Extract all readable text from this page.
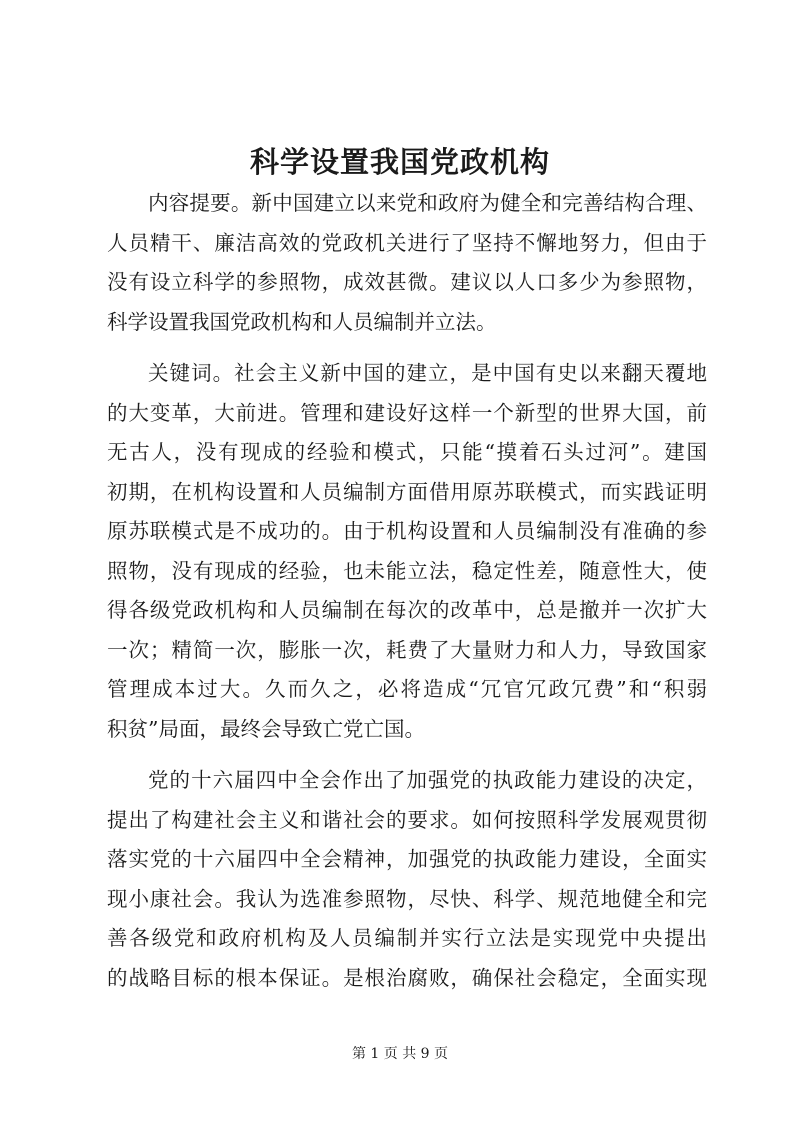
科学设置我国党政机构
内容提要。新中国建立以来党和政府为健全和完善结构合理、
人员精干、廉洁高效的党政机关进行了坚持不懈地努力，但由于
没有设立科学的参照物，成效甚微。建议以人口多少为参照物，
科学设置我国党政机构和人员编制并立法。
关键词。社会主义新中国的建立，是中国有史以来翻天覆地
的大变革，大前进。管理和建设好这样一个新型的世界大国，前
无古人，没有现成的经验和模式，只能“摸着石头过河”。建国
初期，在机构设置和人员编制方面借用原苏联模式，而实践证明
原苏联模式是不成功的。由于机构设置和人员编制没有准确的参
照物，没有现成的经验，也未能立法，稳定性差，随意性大，使
得各级党政机构和人员编制在每次的改革中，总是撤并一次扩大
一次；精简一次，膨胀一次，耗费了大量财力和人力，导致国家
管理成本过大。久而久之，必将造成“冗官冗政冗费”和“积弱
积贫”局面，最终会导致亡党亡国。
党的十六届四中全会作出了加强党的执政能力建设的决定，
提出了构建社会主义和谐社会的要求。如何按照科学发展观贯彻
落实党的十六届四中全会精神，加强党的执政能力建设，全面实
现小康社会。我认为选准参照物，尽快、科学、规范地健全和完
善各级党和政府机构及人员编制并实行立法是实现党中央提出
的战略目标的根本保证。是根治腐败，确保社会稳定，全面实现
第 1 页 共 9 页
